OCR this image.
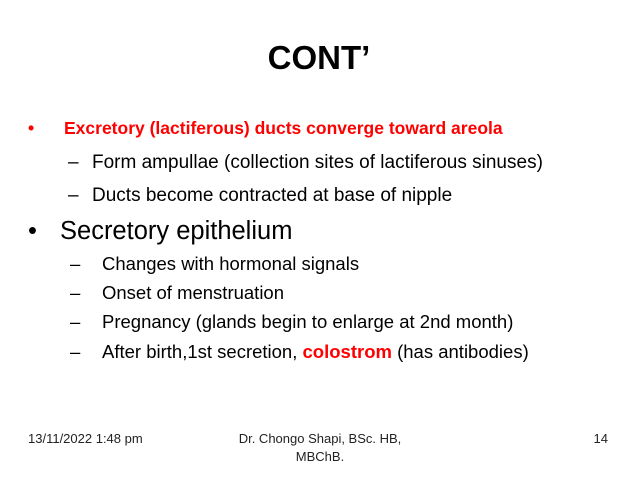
CONT’
• Excretory (lactiferous) ducts converge toward areola
– Form ampullae (collection sites of lactiferous sinuses)
– Ducts become contracted at base of nipple
• Secretory epithelium
– Changes with hormonal signals
– Onset of menstruation
– Pregnancy (glands begin to enlarge at 2nd month)
– After birth,1st secretion, colostrom (has antibodies)
13/11/2022 1:48 pm	Dr. Chongo Shapi, BSc. HB,
MBChB.
14
